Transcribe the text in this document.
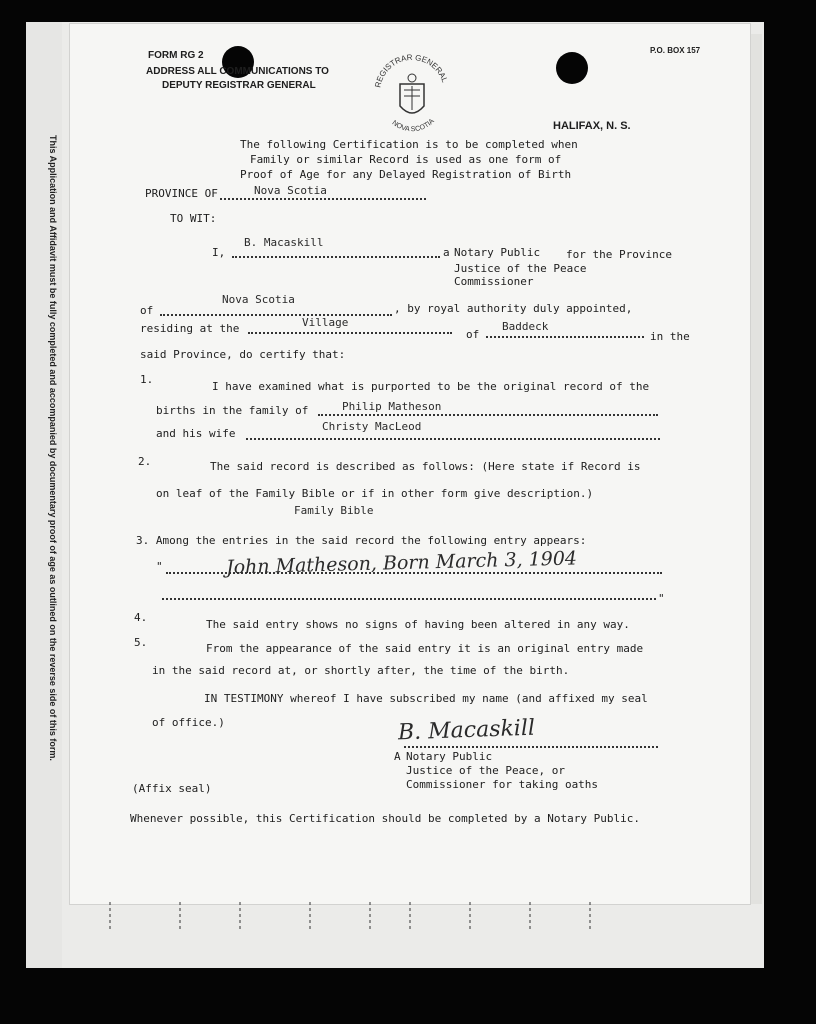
This Application and Affidavit must be fully completed and accompanied by documentary proof of age as outlined on the reverse side of this form.
FORM RG 2
ADDRESS ALL COMMUNICATIONS TO
DEPUTY REGISTRAR GENERAL
P.O. BOX 157
HALIFAX, N. S.
REGISTRAR GENERAL
NOVA SCOTIA
The following Certification is to be completed when
Family or similar Record is used as one form of
Proof of Age for any Delayed Registration of Birth
PROVINCE OF	Nova Scotia
TO WIT:
I,
B. Macaskill
a Notary Public for the Province
Justice of the Peace
Commissioner
of
Nova Scotia
, by royal authority duly appointed,
residing at the	Village
of
Baddeck
in the
said Province, do certify that:
1.
I have examined what is purported to be the original record of the
births in the family of	Philip Matheson
and his wife
Christy MacLeod
2.	The said record is described as follows: (Here state if Record is
on leaf of the Family Bible or if in other form give description.)
Family Bible
3. Among the entries in the said record the following entry appears:
"
"
John Matheson, Born March 3, 1904
4.
The said entry shows no signs of having been altered in any way.
5.	From the appearance of the said entry it is an original entry made
in the said record at, or shortly after, the time of the birth.
IN TESTIMONY whereof I have subscribed my name (and affixed my seal
of office.)	B. Macaskill
A Notary Public
Justice of the Peace, or
Commissioner for taking oaths
(Affix seal)
Whenever possible, this Certification should be completed by a Notary Public.
